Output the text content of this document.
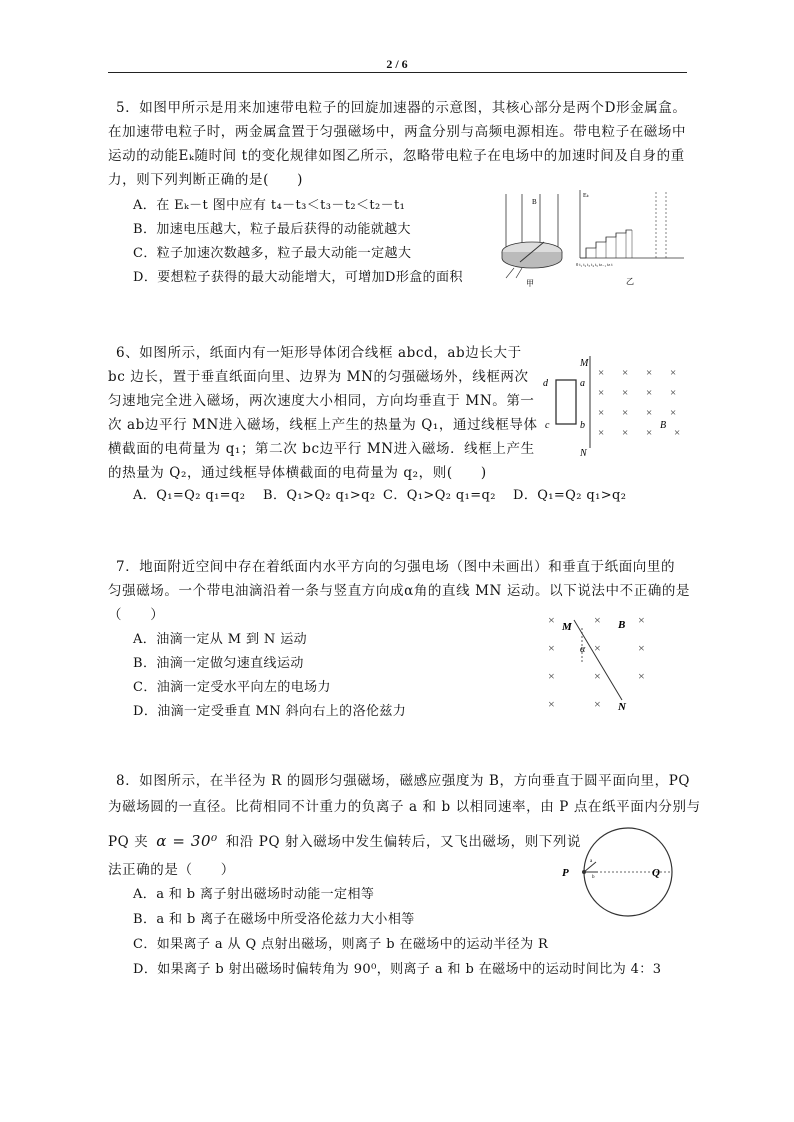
2 / 6
5．如图甲所示是用来加速带电粒子的回旋加速器的示意图，其核心部分是两个D形金属盒。
在加速带电粒子时，两金属盒置于匀强磁场中，两盒分别与高频电源相连。带电粒子在磁场中
运动的动能Eₖ随时间 t的变化规律如图乙所示，忽略带电粒子在电场中的加速时间及自身的重
力，则下列判断正确的是(　　)
A．在 Eₖ－t 图中应有 t₄－t₃＜t₃－t₂＜t₂－t₁
B．加速电压越大，粒子最后获得的动能就越大
C．粒子加速次数越多，粒子最大动能一定越大
D．要想粒子获得的最大动能增大，可增加D形盒的面积
B
甲
Eₖ
0 t₁ t₂ t₃ t₄ t₅ tₙ₋₁ tₙ t
乙
6、如图所示，纸面内有一矩形导体闭合线框 abcd，ab边长大于
bc 边长，置于垂直纸面向里、边界为 MN的匀强磁场外，线框两次
匀速地完全进入磁场，两次速度大小相同，方向均垂直于 MN。第一
次 ab边平行 MN进入磁场，线框上产生的热量为 Q₁，通过线框导体
横截面的电荷量为 q₁；第二次 bc边平行 MN进入磁场．线框上产生
的热量为 Q₂，通过线框导体横截面的电荷量为 q₂，则(　　)
A．Q₁=Q₂ q₁=q₂ B．Q₁>Q₂ q₁>q₂ C．Q₁>Q₂ q₁=q₂ D．Q₁=Q₂ q₁>q₂
M
N
d	a
c	b	B
× × × ×
× × × ×
× × × ×
× × × ×
7．地面附近空间中存在着纸面内水平方向的匀强电场（图中未画出）和垂直于纸面向里的
匀强磁场。一个带电油滴沿着一条与竖直方向成α角的直线 MN 运动。以下说法中不正确的是
（　　）
A．油滴一定从 M 到 N 运动
B．油滴一定做匀速直线运动
C．油滴一定受水平向左的电场力
D．油滴一定受垂直 MN 斜向右上的洛伦兹力
×	×	×
×	×	×
×	×	×
×	×
M
N
B
α
8．如图所示，在半径为 R 的圆形匀强磁场，磁感应强度为 B，方向垂直于圆平面向里，PQ
为磁场圆的一直径。比荷相同不计重力的负离子 a 和 b 以相同速率，由 P 点在纸平面内分别与
PQ 夹 α = 30⁰ 和沿 PQ 射入磁场中发生偏转后，又飞出磁场，则下列说
法正确的是（　　）
A．a 和 b 离子射出磁场时动能一定相等
B．a 和 b 离子在磁场中所受洛伦兹力大小相等
C．如果离子 a 从 Q 点射出磁场，则离子 b 在磁场中的运动半径为 R
D．如果离子 b 射出磁场时偏转角为 90⁰，则离子 a 和 b 在磁场中的运动时间比为 4：3
a
b
P	Q
